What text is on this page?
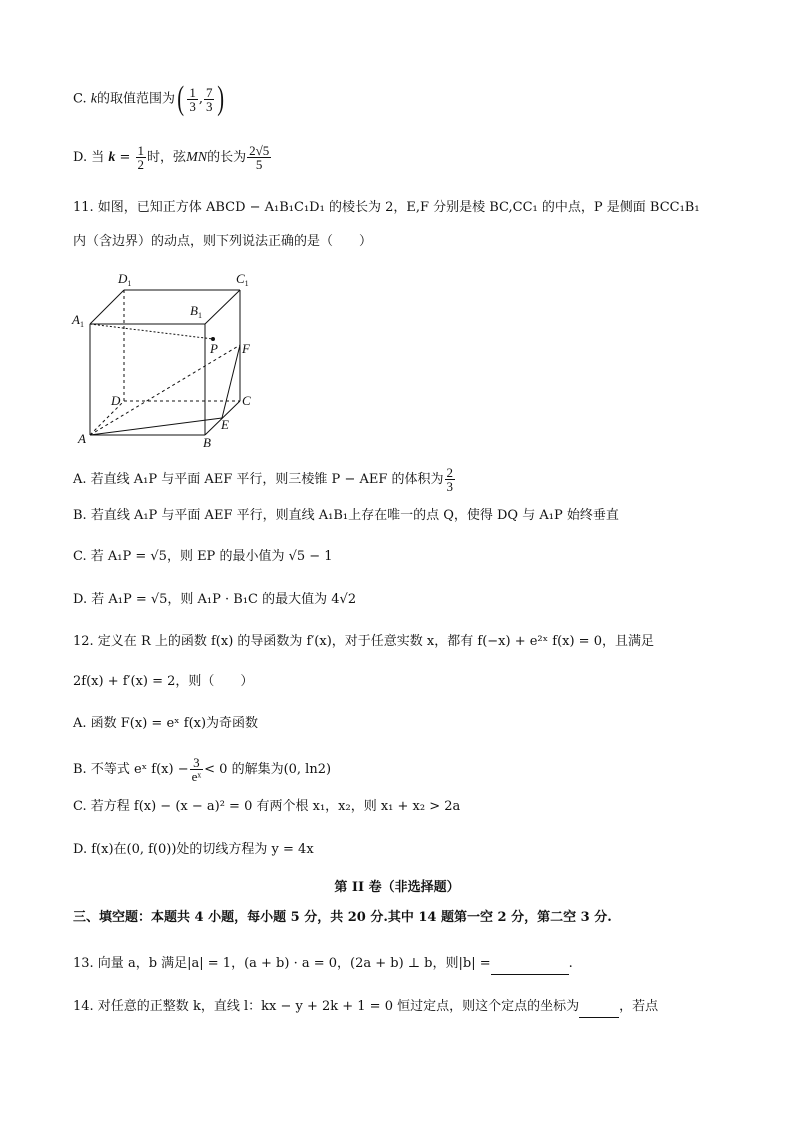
C. k的取值范围为( $\frac{1}{3}$ , $\frac{7}{3}$ )
D. 当 $k = \frac{1}{2}$ 时，弦MN的长为 $\frac{2√5}{5}$
11. 如图，已知正方体 ABCD − A₁B₁C₁D₁ 的棱长为 2，E,F 分别是棱 BC,CC₁ 的中点，P 是侧面 BCC₁B₁
内（含边界）的动点，则下列说法正确的是（　　）
$D_1$	$C_1$
$A_1$
$B_1$
P F
D	C
A
E
B
A. 若直线 A₁P 与平面 AEF 平行，则三棱锥 P − AEF 的体积为 $\frac{2}{3}$
B. 若直线 A₁P 与平面 AEF 平行，则直线 A₁B₁上存在唯一的点 Q，使得 DQ 与 A₁P 始终垂直
C. 若 A₁P = √5，则 EP 的最小值为 √5 − 1
D. 若 A₁P = √5，则 A₁P · B₁C 的最大值为 4√2
12. 定义在 R 上的函数 f(x) 的导函数为 f′(x)，对于任意实数 x，都有 f(−x) + e²ˣ f(x) = 0，且满足
2f(x) + f′(x) = 2，则（　　）
A. 函数 F(x) = eˣ f(x)为奇函数
B. 不等式 eˣ $f(x) - \frac{3}{\text{eˣ}} < 0$ 的解集为(0, ln2)
C. 若方程 f(x) − (x − a)² = 0 有两个根 x₁，x₂，则 x₁ + x₂ > 2a
D. f(x)在(0, f(0))处的切线方程为 y = 4x
第 II 卷（非选择题）
三、填空题：本题共 4 小题，每小题 5 分，共 20 分.其中 14 题第一空 2 分，第二空 3 分.
13. 向量 a，b 满足|a| = 1，(a + b) · a = 0，(2a + b) ⊥ b，则|b| =	.
14. 对任意的正整数 k，直线 l：kx − y + 2k + 1 = 0 恒过定点，则这个定点的坐标为	，若点
